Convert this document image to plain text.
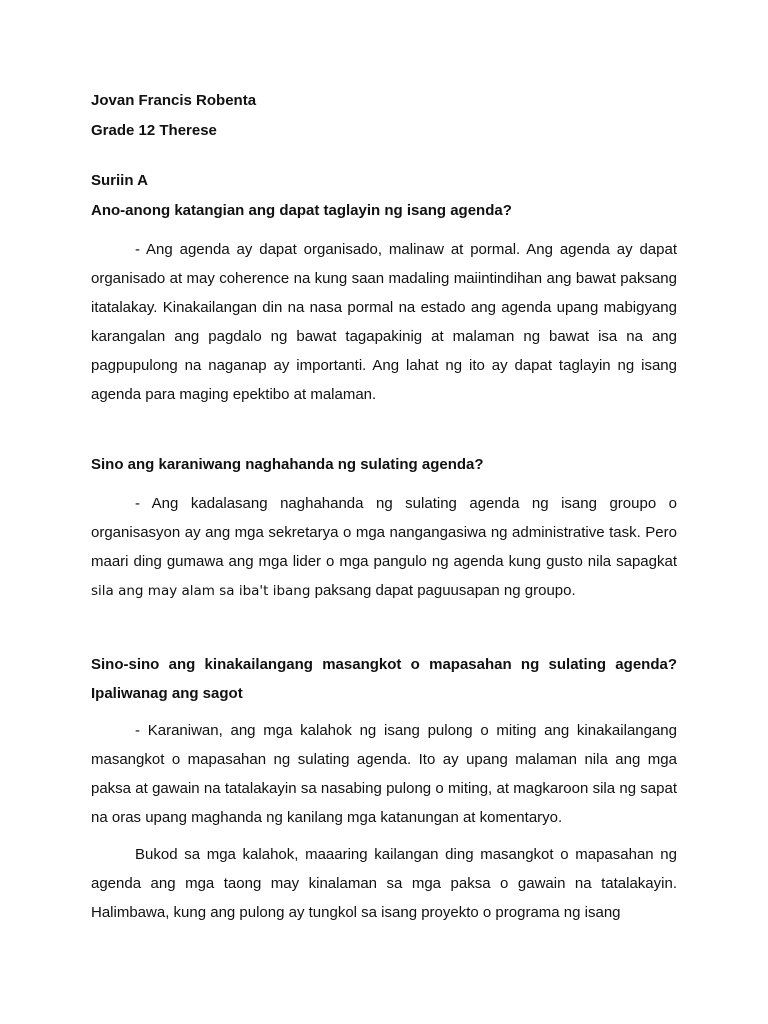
Jovan Francis Robenta

Grade 12 Therese

Suriin A

Ano-anong katangian ang dapat taglayin ng isang agenda?

- Ang agenda ay dapat organisado, malinaw at pormal. Ang agenda ay dapat organisado at may coherence na kung saan madaling maiintindihan ang bawat paksang itatalakay. Kinakailangan din na nasa pormal na estado ang agenda upang mabigyang karangalan ang pagdalo ng bawat tagapakinig at malaman ng bawat isa na ang pagpupulong na naganap ay importanti. Ang lahat ng ito ay dapat taglayin ng isang agenda para maging epektibo at malaman.

Sino ang karaniwang naghahanda ng sulating agenda?

- Ang kadalasang naghahanda ng sulating agenda ng isang groupo o organisasyon ay ang mga sekretarya o mga nangangasiwa ng administrative task. Pero maari ding gumawa ang mga lider o mga pangulo ng agenda kung gusto nila sapagkat sila ang may alam sa iba't ibang paksang dapat paguusapan ng groupo.

Sino-sino ang kinakailangang masangkot o mapasahan ng sulating agenda? Ipaliwanag ang sagot

- Karaniwan, ang mga kalahok ng isang pulong o miting ang kinakailangang masangkot o mapasahan ng sulating agenda. Ito ay upang malaman nila ang mga paksa at gawain na tatalakayin sa nasabing pulong o miting, at magkaroon sila ng sapat na oras upang maghanda ng kanilang mga katanungan at komentaryo.

Bukod sa mga kalahok, maaaring kailangan ding masangkot o mapasahan ng agenda ang mga taong may kinalaman sa mga paksa o gawain na tatalakayin. Halimbawa, kung ang pulong ay tungkol sa isang proyekto o programa ng isang
